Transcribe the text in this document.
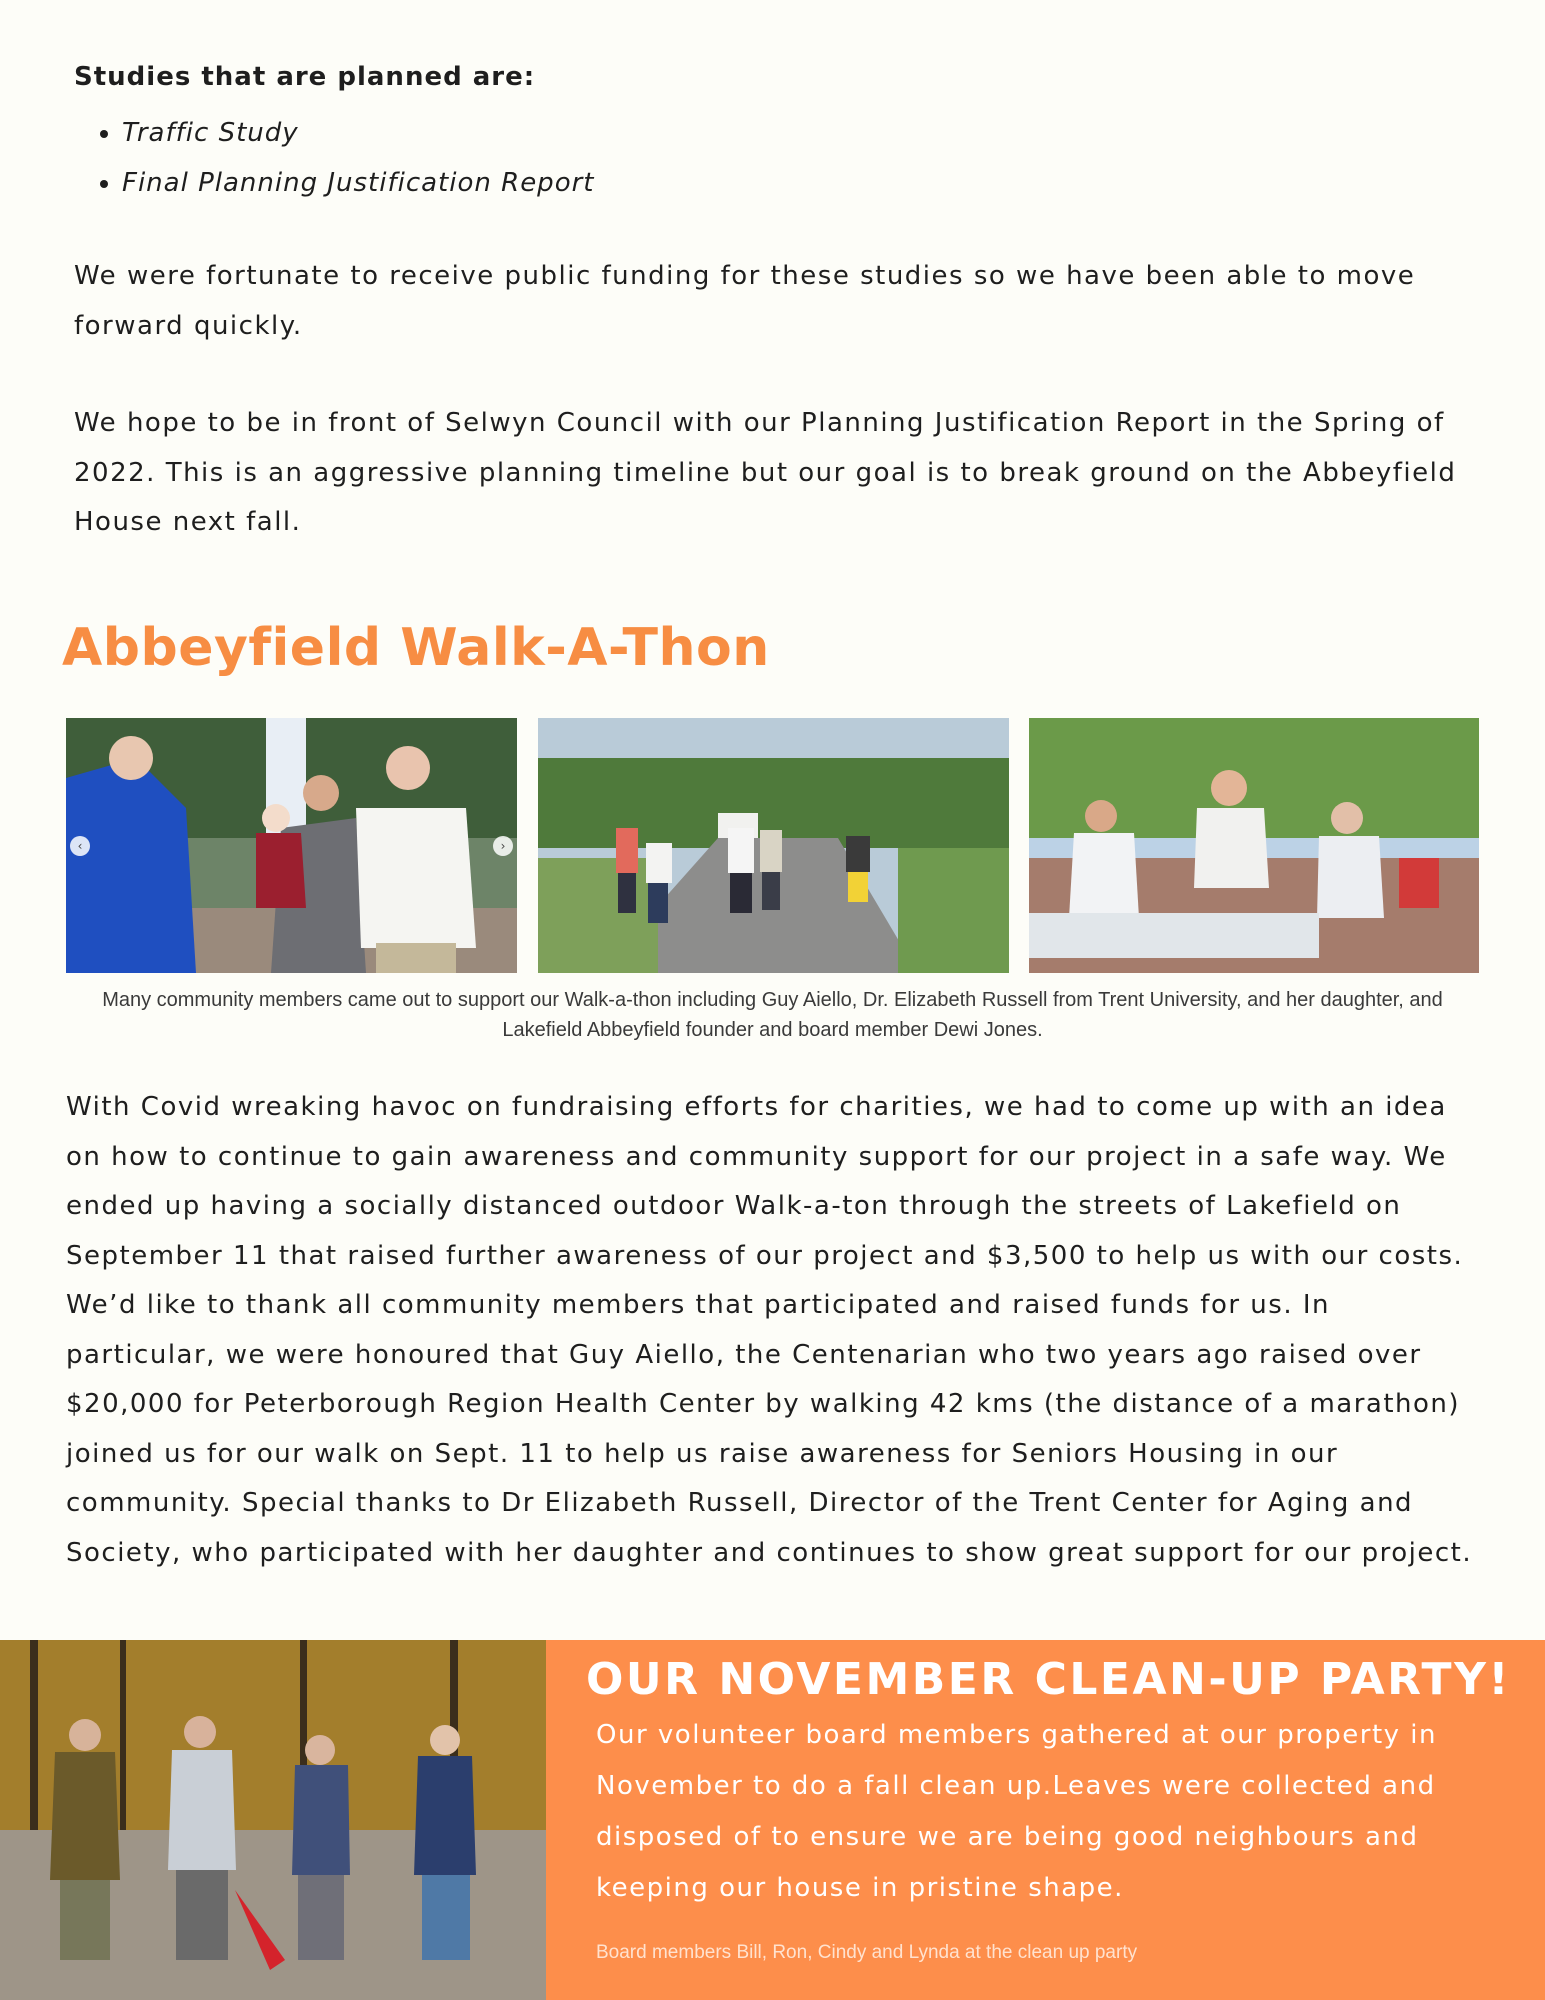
Studies that are planned are:
• Traffic Study
• Final Planning Justification Report

We were fortunate to receive public funding for these studies so we have been able to move forward quickly.

We hope to be in front of Selwyn Council with our Planning Justification Report in the Spring of 2022. This is an aggressive planning timeline but our goal is to break ground on the Abbeyfield House next fall.

Abbeyfield Walk-A-Thon
‹	›

Many community members came out to support our Walk-a-thon including Guy Aiello, Dr. Elizabeth Russell from Trent University, and her daughter, and Lakefield Abbeyfield founder and board member Dewi Jones.

With Covid wreaking havoc on fundraising efforts for charities, we had to come up with an idea on how to continue to gain awareness and community support for our project in a safe way. We ended up having a socially distanced outdoor Walk-a-ton through the streets of Lakefield on September 11 that raised further awareness of our project and $3,500 to help us with our costs. We’d like to thank all community members that participated and raised funds for us. In particular, we were honoured that Guy Aiello, the Centenarian who two years ago raised over $20,000 for Peterborough Region Health Center by walking 42 kms (the distance of a marathon) joined us for our walk on Sept. 11 to help us raise awareness for Seniors Housing in our community. Special thanks to Dr Elizabeth Russell, Director of the Trent Center for Aging and Society, who participated with her daughter and continues to show great support for our project.

OUR NOVEMBER CLEAN-UP PARTY!

Our volunteer board members gathered at our property in November to do a fall clean up.Leaves were collected and disposed of to ensure we are being good neighbours and keeping our house in pristine shape.

Board members Bill, Ron, Cindy and Lynda at the clean up party
